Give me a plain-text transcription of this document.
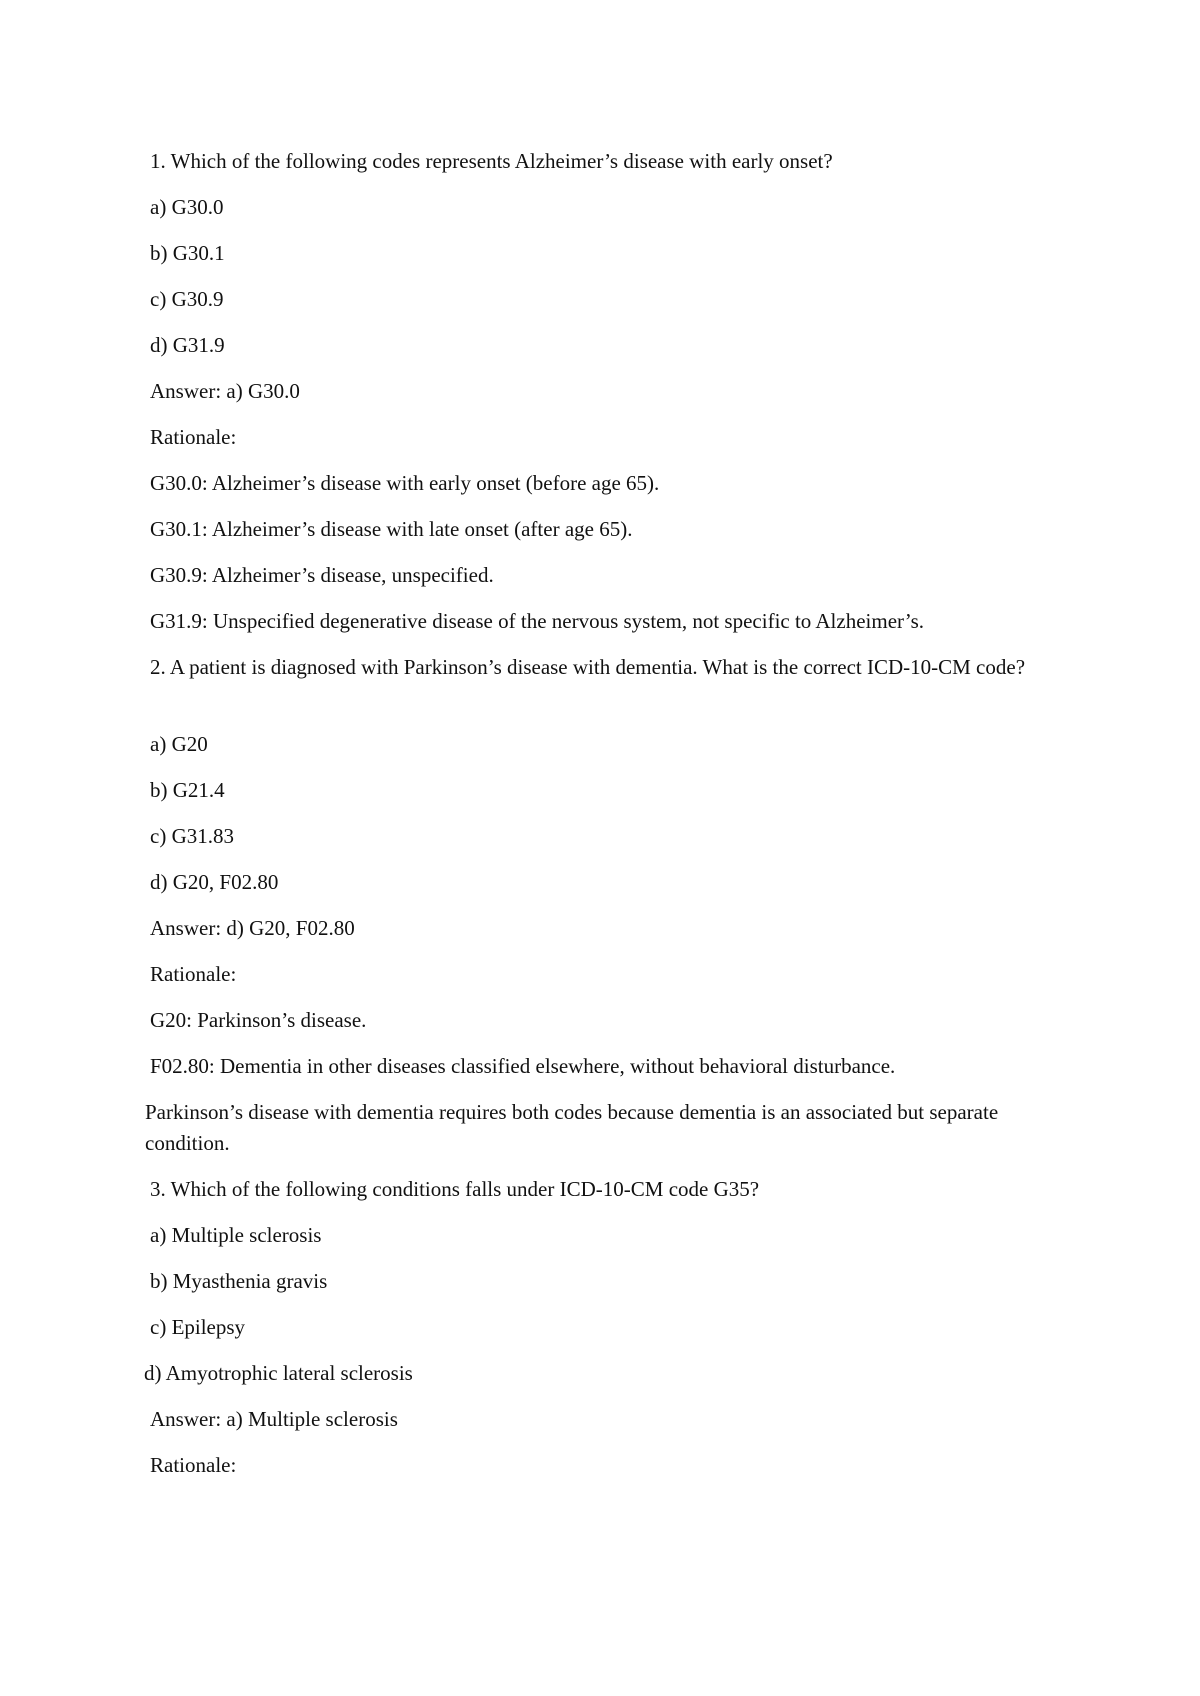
1. Which of the following codes represents Alzheimer’s disease with early onset?
a) G30.0
b) G30.1
c) G30.9
d) G31.9
Answer: a) G30.0
Rationale:
G30.0: Alzheimer’s disease with early onset (before age 65).
G30.1: Alzheimer’s disease with late onset (after age 65).
G30.9: Alzheimer’s disease, unspecified.
G31.9: Unspecified degenerative disease of the nervous system, not specific to Alzheimer’s.
2. A patient is diagnosed with Parkinson’s disease with dementia. What is the correct ICD-10-CM code?
a) G20
b) G21.4
c) G31.83
d) G20, F02.80
Answer: d) G20, F02.80
Rationale:
G20: Parkinson’s disease.
F02.80: Dementia in other diseases classified elsewhere, without behavioral disturbance.
Parkinson’s disease with dementia requires both codes because dementia is an associated but separate condition.
3. Which of the following conditions falls under ICD-10-CM code G35?
a) Multiple sclerosis
b) Myasthenia gravis
c) Epilepsy
d) Amyotrophic lateral sclerosis
Answer: a) Multiple sclerosis
Rationale:
